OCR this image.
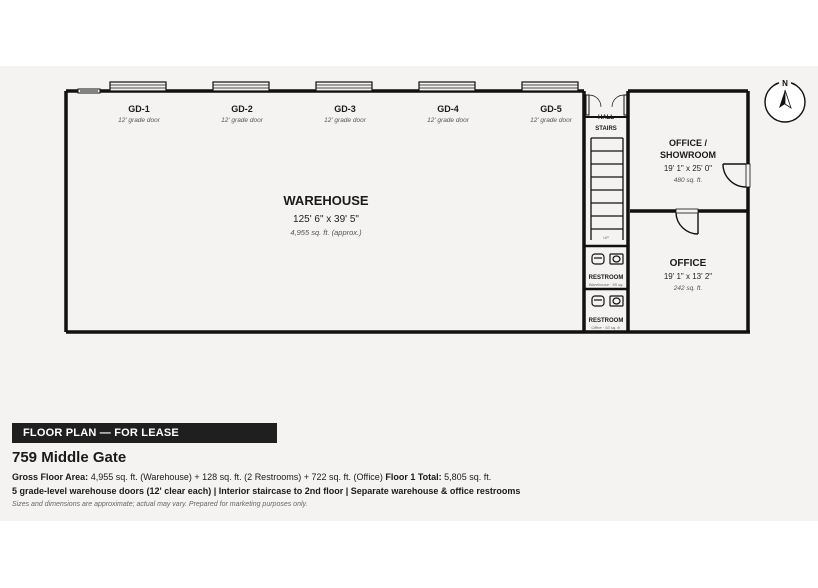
GD-1
12' grade door
GD-2
12' grade door
GD-3
12' grade door
GD-4
12' grade door
GD-5
12' grade door	HALL
STAIRS
UP
RESTROOM
Warehouse · 65 sq.
RESTROOM
Office · 63 sq. ft.
WAREHOUSE
125' 6" x 39' 5"
4,955 sq. ft. (approx.)
OFFICE /
SHOWROOM
19' 1" x 25' 0"
480 sq. ft.
OFFICE
19' 1" x 13' 2"
242 sq. ft.
N
FLOOR PLAN — FOR LEASE
759 Middle Gate
Gross Floor Area: 4,955 sq. ft. (Warehouse) + 128 sq. ft. (2 Restrooms) + 722 sq. ft. (Office) Floor 1 Total: 5,805 sq. ft.
5 grade-level warehouse doors (12' clear each) | Interior staircase to 2nd floor | Separate warehouse & office restrooms
Sizes and dimensions are approximate; actual may vary. Prepared for marketing purposes only.
